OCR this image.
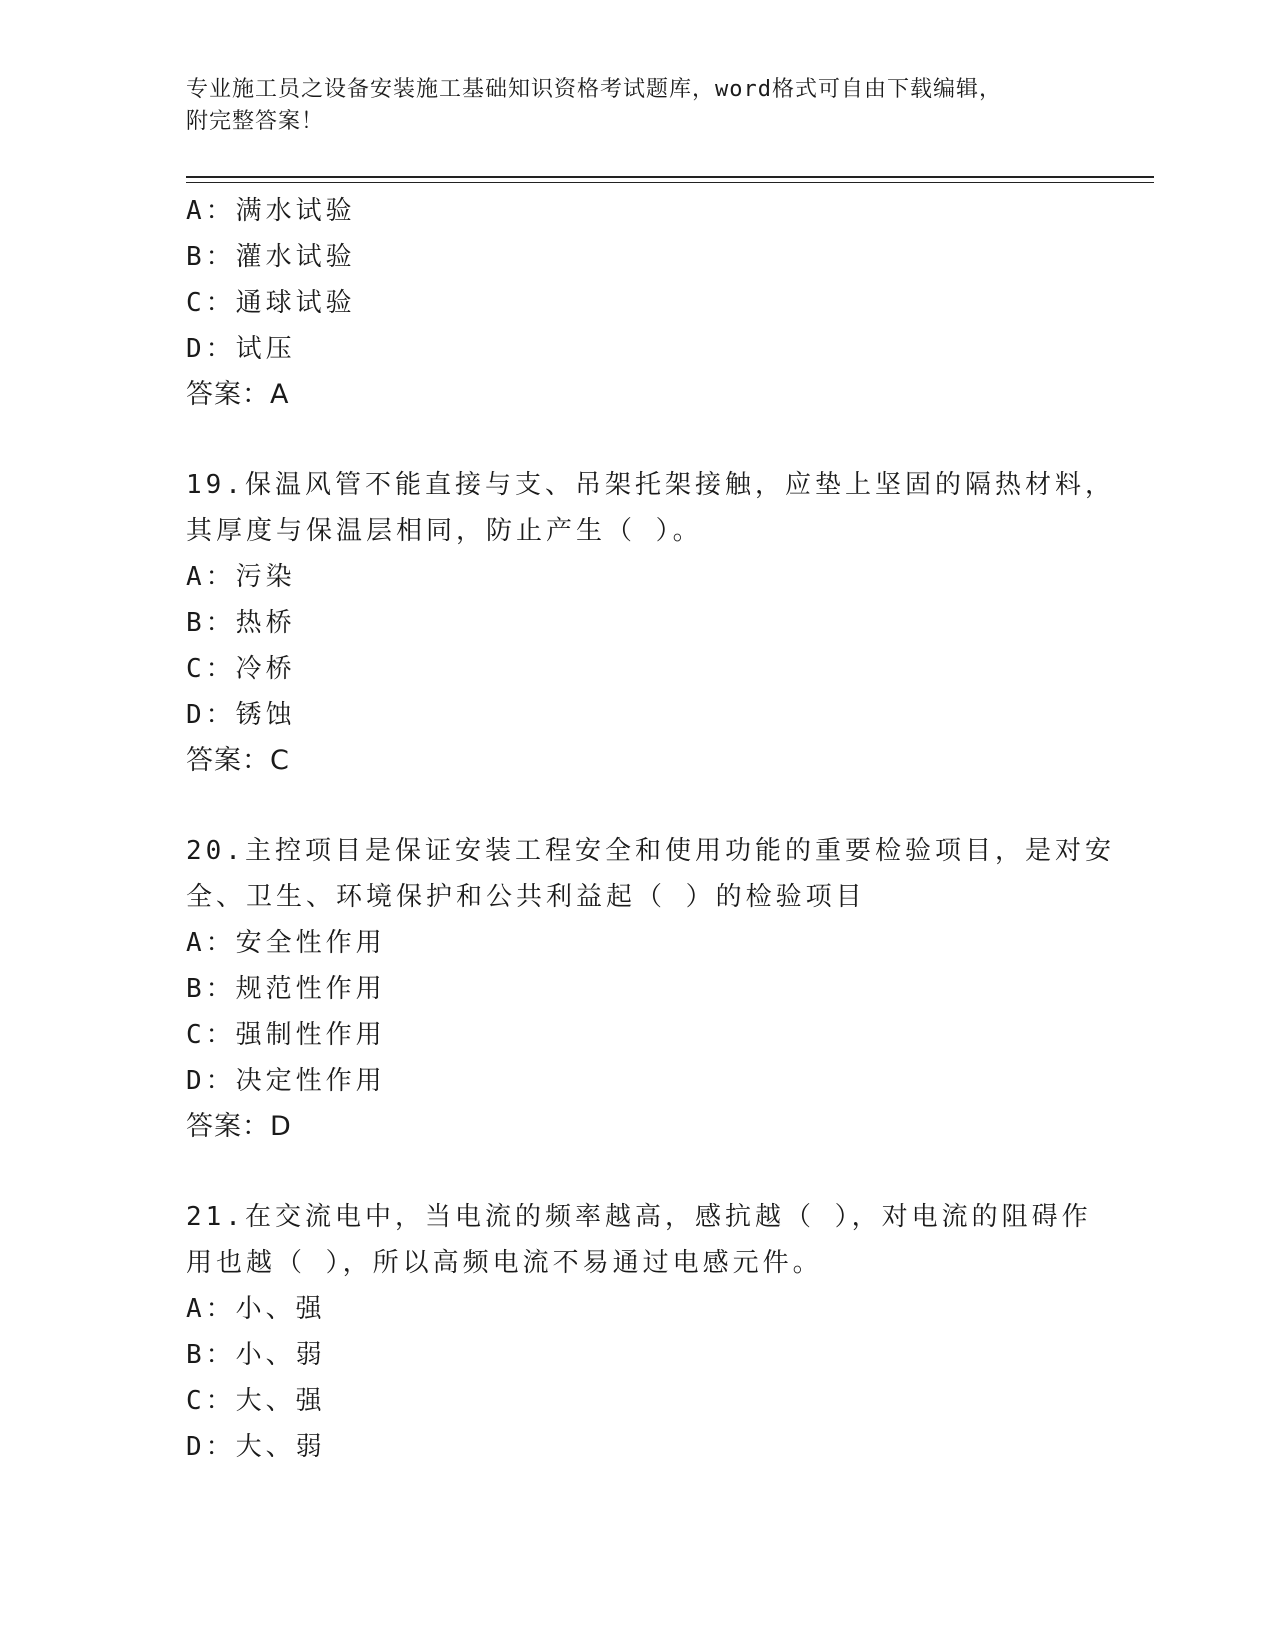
专业施工员之设备安装施工基础知识资格考试题库，word格式可自由下载编辑，
附完整答案！
A：满水试验
B：灌水试验
C：通球试验
D：试压
答案：A
19.保温风管不能直接与支、吊架托架接触，应垫上坚固的隔热材料，
其厚度与保温层相同，防止产生（ ）。
A：污染
B：热桥
C：冷桥
D：锈蚀
答案：C
20.主控项目是保证安装工程安全和使用功能的重要检验项目，是对安
全、卫生、环境保护和公共利益起（ ）的检验项目
A：安全性作用
B：规范性作用
C：强制性作用
D：决定性作用
答案：D
21.在交流电中，当电流的频率越高，感抗越（ ），对电流的阻碍作
用也越（ ），所以高频电流不易通过电感元件。
A：小、强
B：小、弱
C：大、强
D：大、弱
